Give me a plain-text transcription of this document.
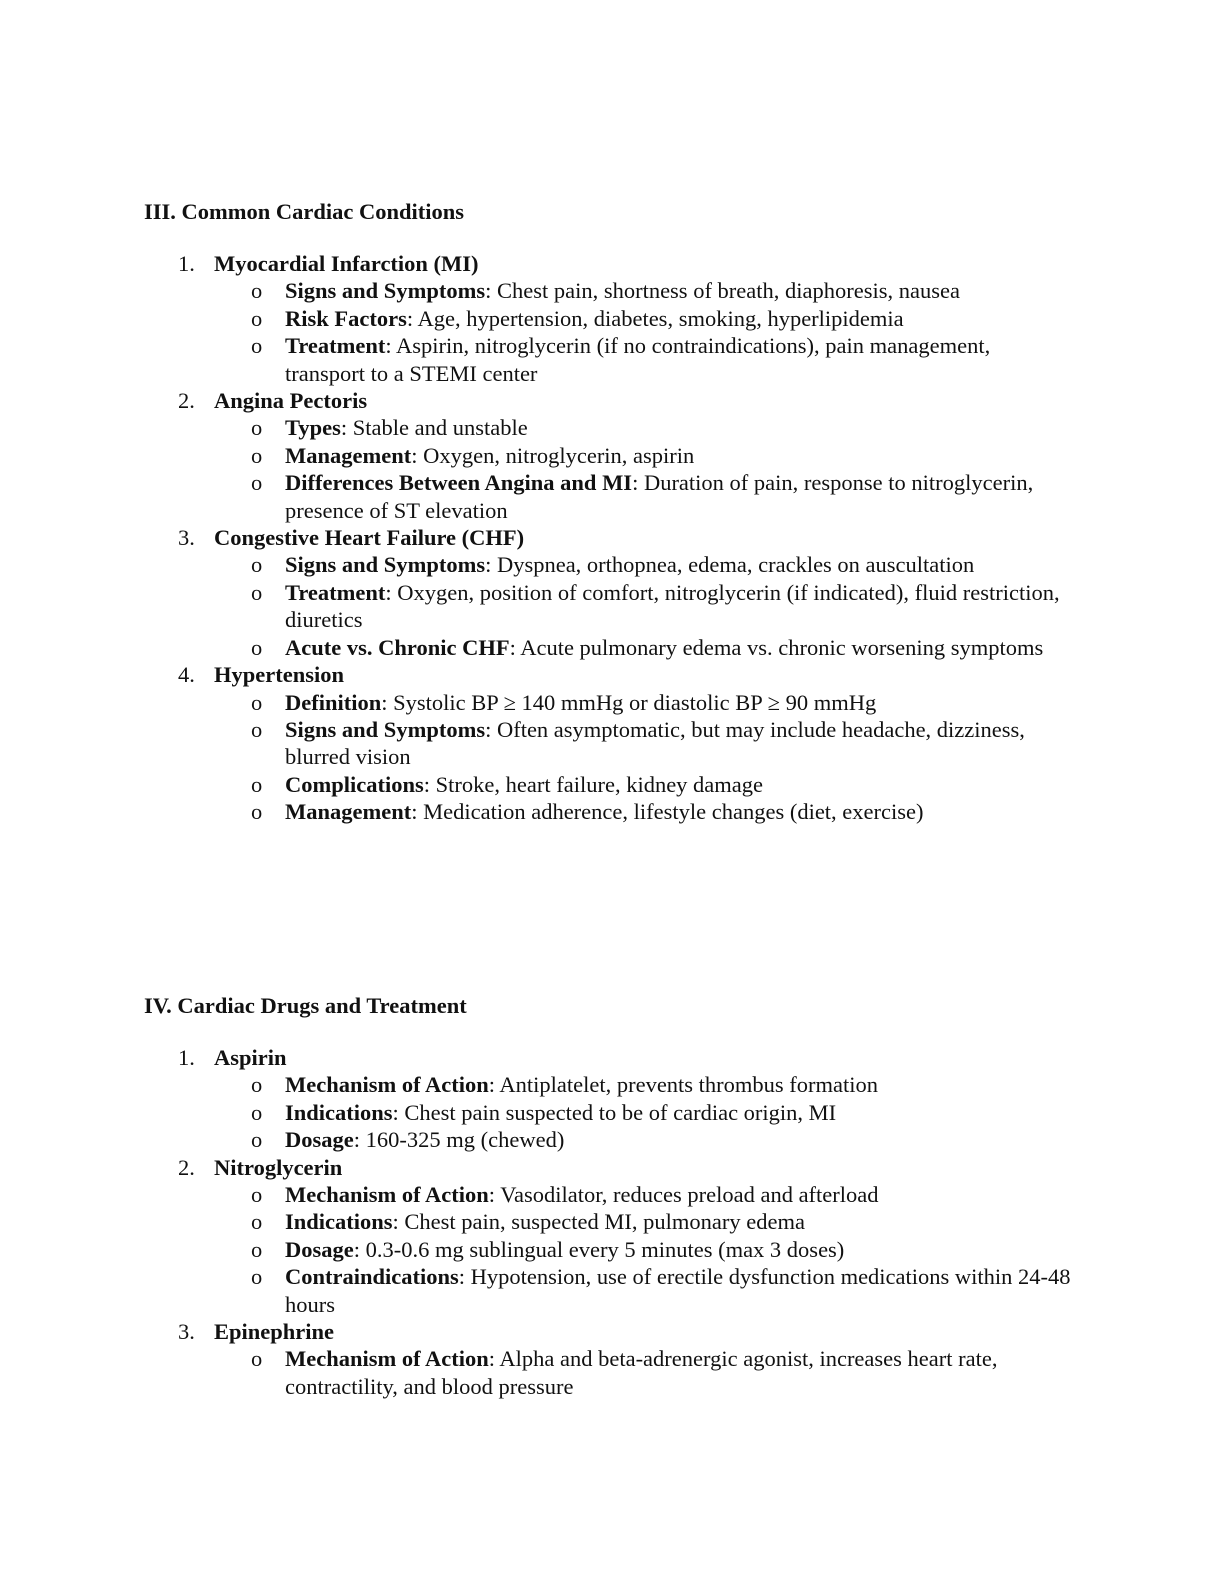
III. Common Cardiac Conditions
1. Myocardial Infarction (MI)
o Signs and Symptoms: Chest pain, shortness of breath, diaphoresis, nausea
o Risk Factors: Age, hypertension, diabetes, smoking, hyperlipidemia
o Treatment: Aspirin, nitroglycerin (if no contraindications), pain management, transport to a STEMI center
2. Angina Pectoris
o Types: Stable and unstable
o Management: Oxygen, nitroglycerin, aspirin
o Differences Between Angina and MI: Duration of pain, response to nitroglycerin, presence of ST elevation
3. Congestive Heart Failure (CHF)
o Signs and Symptoms: Dyspnea, orthopnea, edema, crackles on auscultation
o Treatment: Oxygen, position of comfort, nitroglycerin (if indicated), fluid restriction, diuretics
o Acute vs. Chronic CHF: Acute pulmonary edema vs. chronic worsening symptoms
4. Hypertension
o Definition: Systolic BP ≥ 140 mmHg or diastolic BP ≥ 90 mmHg
o Signs and Symptoms: Often asymptomatic, but may include headache, dizziness, blurred vision
o Complications: Stroke, heart failure, kidney damage
o Management: Medication adherence, lifestyle changes (diet, exercise)
IV. Cardiac Drugs and Treatment
1. Aspirin
o Mechanism of Action: Antiplatelet, prevents thrombus formation
o Indications: Chest pain suspected to be of cardiac origin, MI
o Dosage: 160-325 mg (chewed)
2. Nitroglycerin
o Mechanism of Action: Vasodilator, reduces preload and afterload
o Indications: Chest pain, suspected MI, pulmonary edema
o Dosage: 0.3-0.6 mg sublingual every 5 minutes (max 3 doses)
o Contraindications: Hypotension, use of erectile dysfunction medications within 24-48 hours
3. Epinephrine
o Mechanism of Action: Alpha and beta-adrenergic agonist, increases heart rate, contractility, and blood pressure
